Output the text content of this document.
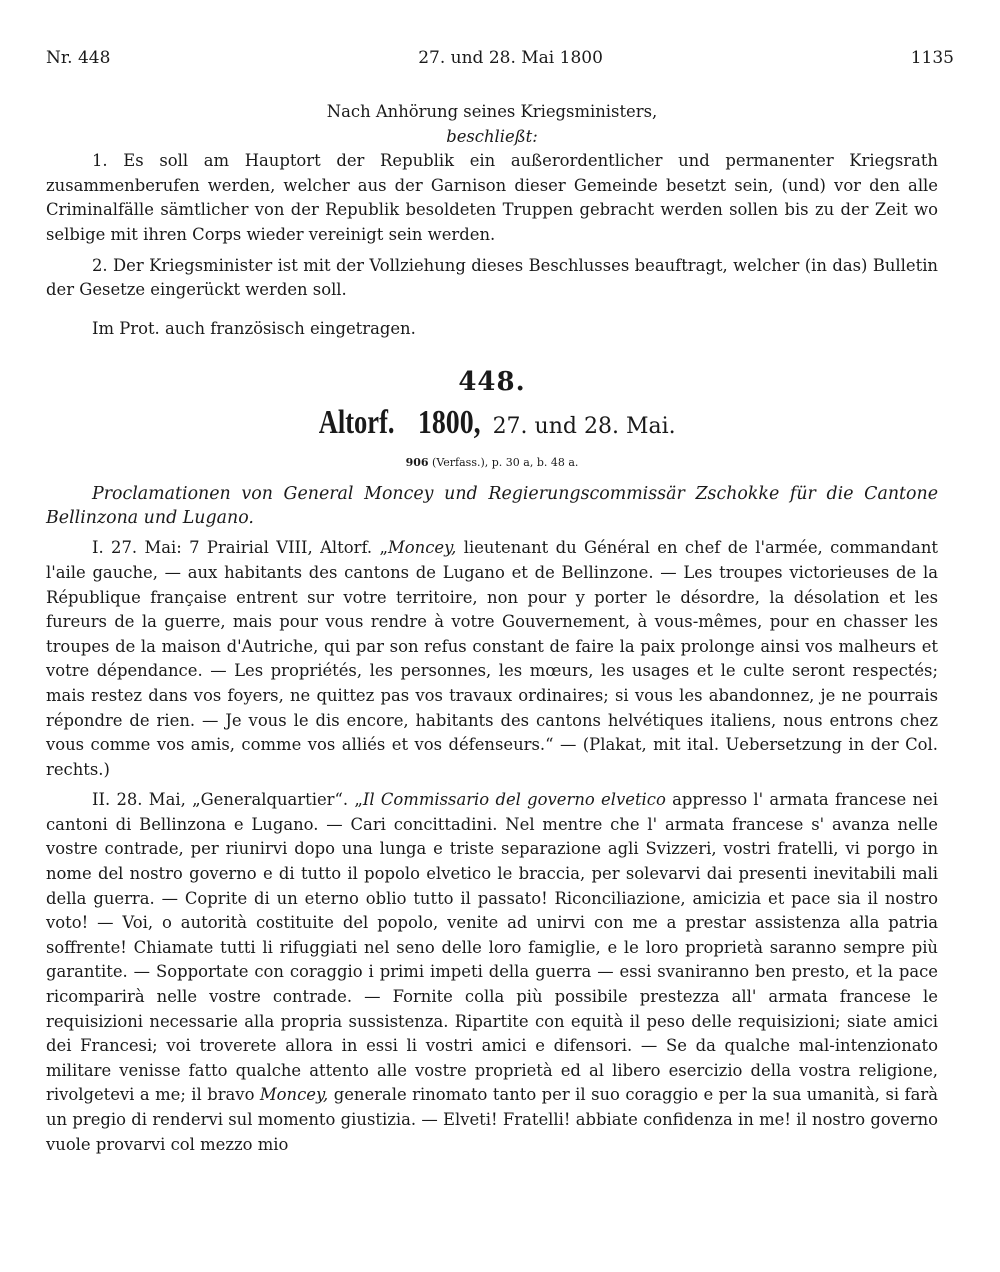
Nr. 448	27. und 28. Mai 1800	1135

Nach Anhörung seines Kriegsministers,

beschließt:

1. Es soll am Hauptort der Republik ein außerordentlicher und permanenter Kriegsrath zusammenberufen werden, welcher aus der Garnison dieser Gemeinde besetzt sein, (und) vor den alle Criminalfälle sämtlicher von der Republik besoldeten Truppen gebracht werden sollen bis zu der Zeit wo selbige mit ihren Corps wieder vereinigt sein werden.

2. Der Kriegsminister ist mit der Vollziehung dieses Beschlusses beauftragt, welcher (in das) Bulletin der Gesetze eingerückt werden soll.

Im Prot. auch französisch eingetragen.

448.
Altorf. 1800, 27. und 28. Mai.
906 (Verfass.), p. 30 a, b. 48 a.

Proclamationen von General Moncey und Regierungscommissär Zschokke für die Cantone Bellinzona und Lugano.

I. 27. Mai: 7 Prairial VIII, Altorf. „Moncey, lieutenant du Général en chef de l'armée, commandant l'aile gauche, — aux habitants des cantons de Lugano et de Bellinzone. — Les troupes victorieuses de la République française entrent sur votre territoire, non pour y porter le désordre, la désolation et les fureurs de la guerre, mais pour vous rendre à votre Gouvernement, à vous-mêmes, pour en chasser les troupes de la maison d'Autriche, qui par son refus constant de faire la paix prolonge ainsi vos malheurs et votre dépendance. — Les propriétés, les personnes, les mœurs, les usages et le culte seront respectés; mais restez dans vos foyers, ne quittez pas vos travaux ordinaires; si vous les abandonnez, je ne pourrais répondre de rien. — Je vous le dis encore, habitants des cantons helvétiques italiens, nous entrons chez vous comme vos amis, comme vos alliés et vos défenseurs.“ — (Plakat, mit ital. Uebersetzung in der Col. rechts.)

II. 28. Mai, „Generalquartier“. „Il Commissario del governo elvetico appresso l' armata francese nei cantoni di Bellinzona e Lugano. — Cari concittadini. Nel mentre che l' armata francese s' avanza nelle vostre contrade, per riunirvi dopo una lunga e triste separazione agli Svizzeri, vostri fratelli, vi porgo in nome del nostro governo e di tutto il popolo elvetico le braccia, per solevarvi dai presenti inevitabili mali della guerra. — Coprite di un eterno oblio tutto il passato! Riconciliazione, amicizia et pace sia il nostro voto! — Voi, o autorità costituite del popolo, venite ad unirvi con me a prestar assistenza alla patria soffrente! Chiamate tutti li rifuggiati nel seno delle loro famiglie, e le loro proprietà saranno sempre più garantite. — Sopportate con coraggio i primi impeti della guerra — essi svaniranno ben presto, et la pace ricomparirà nelle vostre contrade. — Fornite colla più possibile prestezza all' armata francese le requisizioni necessarie alla propria sussistenza. Ripartite con equità il peso delle requisizioni; siate amici dei Francesi; voi troverete allora in essi li vostri amici e difensori. — Se da qualche mal-intenzionato militare venisse fatto qualche attento alle vostre proprietà ed al libero esercizio della vostra religione, rivolgetevi a me; il bravo Moncey, generale rinomato tanto per il suo coraggio e per la sua umanità, si farà un pregio di rendervi sul momento giustizia. — Elveti! Fratelli! abbiate confidenza in me! il nostro governo vuole provarvi col mezzo mio
